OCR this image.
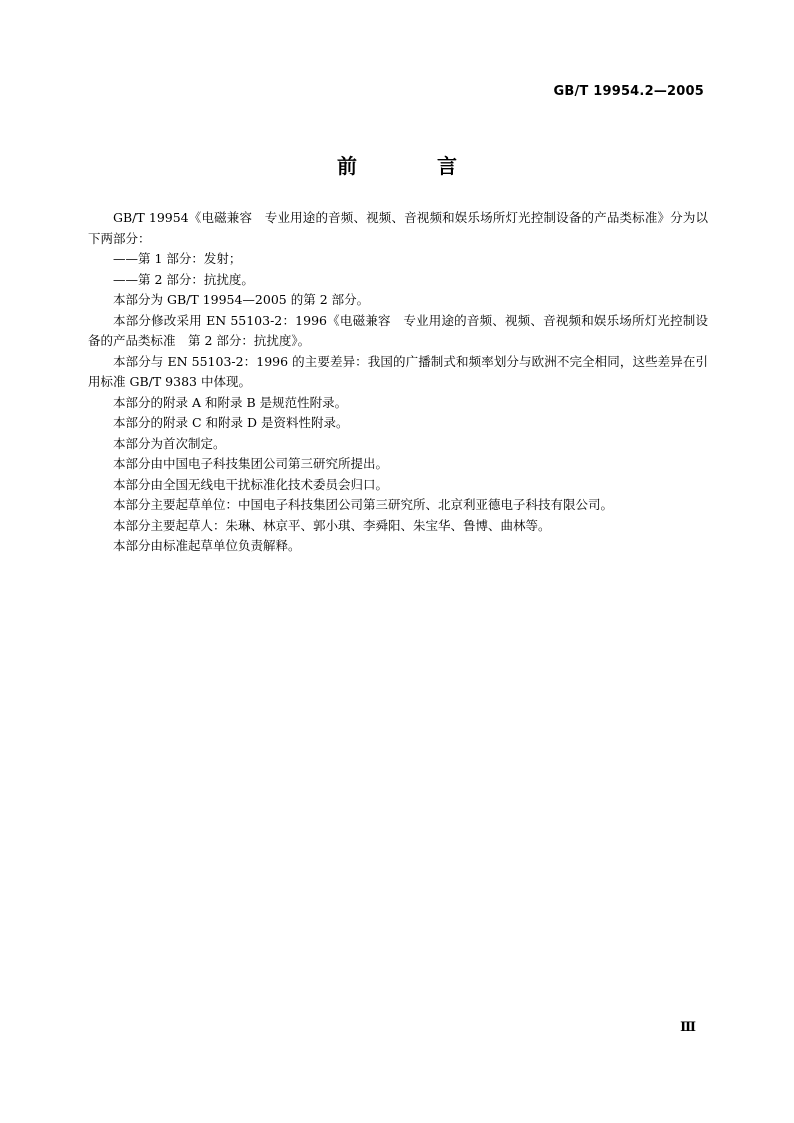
GB/T 19954.2—2005
前　言

GB/T 19954《电磁兼容　专业用途的音频、视频、音视频和娱乐场所灯光控制设备的产品类标准》分为以下两部分：

——第 1 部分：发射；

——第 2 部分：抗扰度。

本部分为 GB/T 19954—2005 的第 2 部分。

本部分修改采用 EN 55103-2：1996《电磁兼容　专业用途的音频、视频、音视频和娱乐场所灯光控制设备的产品类标准　第 2 部分：抗扰度》。

本部分与 EN 55103-2：1996 的主要差异：我国的广播制式和频率划分与欧洲不完全相同，这些差异在引用标准 GB/T 9383 中体现。

本部分的附录 A 和附录 B 是规范性附录。

本部分的附录 C 和附录 D 是资料性附录。

本部分为首次制定。

本部分由中国电子科技集团公司第三研究所提出。

本部分由全国无线电干扰标准化技术委员会归口。

本部分主要起草单位：中国电子科技集团公司第三研究所、北京利亚德电子科技有限公司。

本部分主要起草人：朱琳、林京平、郭小琪、李舜阳、朱宝华、鲁博、曲林等。

本部分由标准起草单位负责解释。

Ⅲ
